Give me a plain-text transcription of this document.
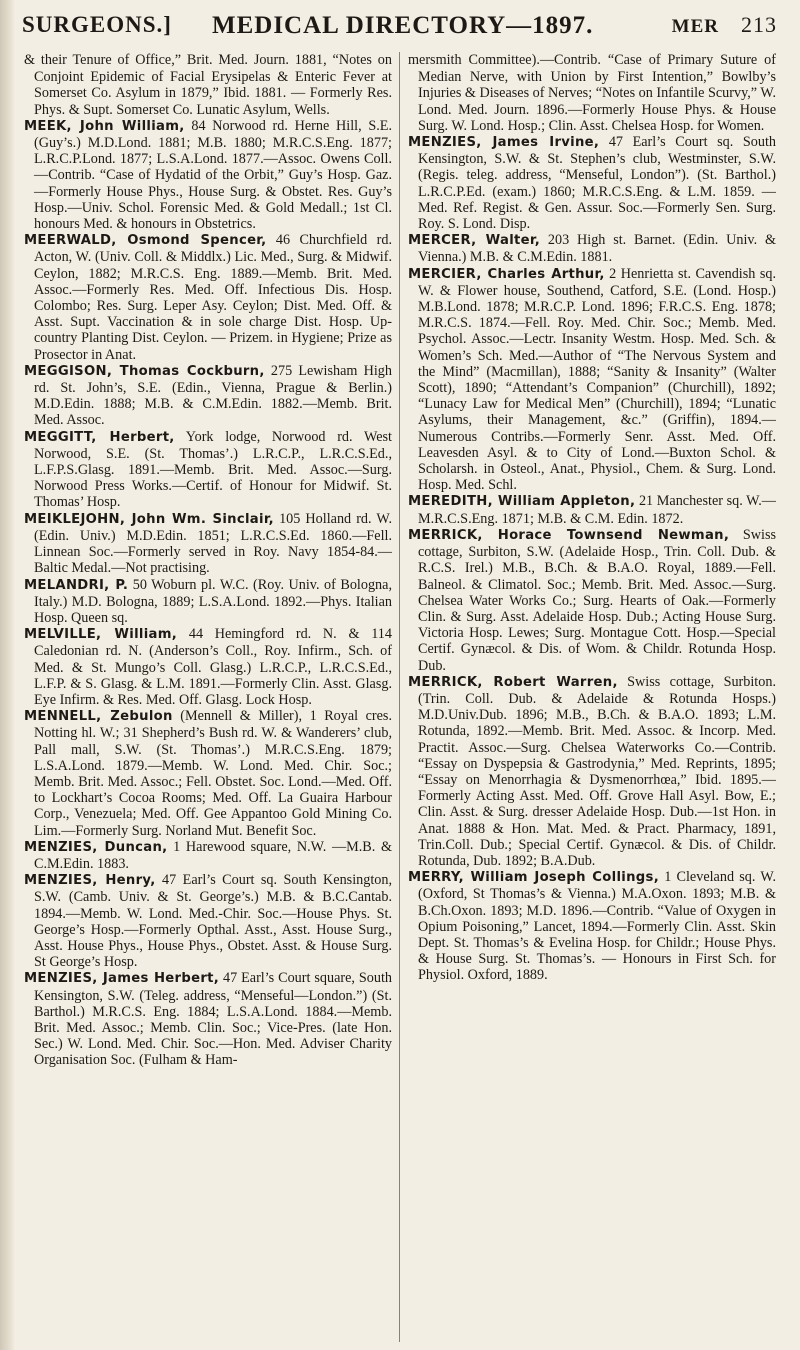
SURGEONS.] MEDICAL DIRECTORY—1897.	MER 213

& their Tenure of Office,” Brit. Med. Journ. 1881, “Notes on Conjoint Epidemic of Facial Erysipelas & Enteric Fever at Somerset Co. Asylum in 1879,” Ibid. 1881. — Formerly Res. Phys. & Supt. Somerset Co. Lunatic Asylum, Wells.

MEEK, John William, 84 Norwood rd. Herne Hill, S.E. (Guy’s.) M.D.Lond. 1881; M.B. 1880; M.R.C.S.Eng. 1877; L.R.C.P.Lond. 1877; L.S.A.Lond. 1877.—Assoc. Owens Coll. —Contrib. “Case of Hydatid of the Orbit,” Guy’s Hosp. Gaz.—Formerly House Phys., House Surg. & Obstet. Res. Guy’s Hosp.—Univ. Schol. Forensic Med. & Gold Medall.; 1st Cl. honours Med. & honours in Obstetrics.

MEERWALD, Osmond Spencer, 46 Churchfield rd. Acton, W. (Univ. Coll. & Middlx.) Lic. Med., Surg. & Midwif. Ceylon, 1882; M.R.C.S. Eng. 1889.—Memb. Brit. Med. Assoc.—Formerly Res. Med. Off. Infectious Dis. Hosp. Colombo; Res. Surg. Leper Asy. Ceylon; Dist. Med. Off. & Asst. Supt. Vaccination & in sole charge Dist. Hosp. Up-country Planting Dist. Ceylon. — Prizem. in Hygiene; Prize as Prosector in Anat.

MEGGISON, Thomas Cockburn, 275 Lewisham High rd. St. John’s, S.E. (Edin., Vienna, Prague & Berlin.) M.D.Edin. 1888; M.B. & C.M.Edin. 1882.—Memb. Brit. Med. Assoc.

MEGGITT, Herbert, York lodge, Norwood rd. West Norwood, S.E. (St. Thomas’.) L.R.C.P., L.R.C.S.Ed., L.F.P.S.Glasg. 1891.—Memb. Brit. Med. Assoc.—Surg. Norwood Press Works.—Certif. of Honour for Midwif. St. Thomas’ Hosp.

MEIKLEJOHN, John Wm. Sinclair, 105 Holland rd. W. (Edin. Univ.) M.D.Edin. 1851; L.R.C.S.Ed. 1860.—Fell. Linnean Soc.—Formerly served in Roy. Navy 1854-84.—Baltic Medal.—Not practising.

MELANDRI, P. 50 Woburn pl. W.C. (Roy. Univ. of Bologna, Italy.) M.D. Bologna, 1889; L.S.A.Lond. 1892.—Phys. Italian Hosp. Queen sq.

MELVILLE, William, 44 Hemingford rd. N. & 114 Caledonian rd. N. (Anderson’s Coll., Roy. Infirm., Sch. of Med. & St. Mungo’s Coll. Glasg.) L.R.C.P., L.R.C.S.Ed., L.F.P. & S. Glasg. & L.M. 1891.—Formerly Clin. Asst. Glasg. Eye Infirm. & Res. Med. Off. Glasg. Lock Hosp.

MENNELL, Zebulon (Mennell & Miller), 1 Royal cres. Notting hl. W.; 31 Shepherd’s Bush rd. W. & Wanderers’ club, Pall mall, S.W. (St. Thomas’.) M.R.C.S.Eng. 1879; L.S.A.Lond. 1879.—Memb. W. Lond. Med. Chir. Soc.; Memb. Brit. Med. Assoc.; Fell. Obstet. Soc. Lond.—Med. Off. to Lockhart’s Cocoa Rooms; Med. Off. La Guaira Harbour Corp., Venezuela; Med. Off. Gee Appantoo Gold Mining Co. Lim.—Formerly Surg. Norland Mut. Benefit Soc.

MENZIES, Duncan, 1 Harewood square, N.W. —M.B. & C.M.Edin. 1883.

MENZIES, Henry, 47 Earl’s Court sq. South Kensington, S.W. (Camb. Univ. & St. George’s.) M.B. & B.C.Cantab. 1894.—Memb. W. Lond. Med.-Chir. Soc.—House Phys. St. George’s Hosp.—Formerly Opthal. Asst., Asst. House Surg., Asst. House Phys., House Phys., Obstet. Asst. & House Surg. St George’s Hosp.

MENZIES, James Herbert, 47 Earl’s Court square, South Kensington, S.W. (Teleg. address, “Menseful—London.”) (St. Barthol.) M.R.C.S. Eng. 1884; L.S.A.Lond. 1884.—Memb. Brit. Med. Assoc.; Memb. Clin. Soc.; Vice-Pres. (late Hon. Sec.) W. Lond. Med. Chir. Soc.—Hon. Med. Adviser Charity Organisation Soc. (Fulham & Ham-

mersmith Committee).—Contrib. “Case of Primary Suture of Median Nerve, with Union by First Intention,” Bowlby’s Injuries & Diseases of Nerves; “Notes on Infantile Scurvy,” W. Lond. Med. Journ. 1896.—Formerly House Phys. & House Surg. W. Lond. Hosp.; Clin. Asst. Chelsea Hosp. for Women.

MENZIES, James Irvine, 47 Earl’s Court sq. South Kensington, S.W. & St. Stephen’s club, Westminster, S.W. (Regis. teleg. address, “Menseful, London”). (St. Barthol.) L.R.C.P.Ed. (exam.) 1860; M.R.C.S.Eng. & L.M. 1859. —Med. Ref. Regist. & Gen. Assur. Soc.—Formerly Sen. Surg. Roy. S. Lond. Disp.

MERCER, Walter, 203 High st. Barnet. (Edin. Univ. & Vienna.) M.B. & C.M.Edin. 1881.

MERCIER, Charles Arthur, 2 Henrietta st. Cavendish sq. W. & Flower house, Southend, Catford, S.E. (Lond. Hosp.) M.B.Lond. 1878; M.R.C.P. Lond. 1896; F.R.C.S. Eng. 1878; M.R.C.S. 1874.—Fell. Roy. Med. Chir. Soc.; Memb. Med. Psychol. Assoc.—Lectr. Insanity Westm. Hosp. Med. Sch. & Women’s Sch. Med.—Author of “The Nervous System and the Mind” (Macmillan), 1888; “Sanity & Insanity” (Walter Scott), 1890; “Attendant’s Companion” (Churchill), 1892; “Lunacy Law for Medical Men” (Churchill), 1894; “Lunatic Asylums, their Management, &c.” (Griffin), 1894.—Numerous Contribs.—Formerly Senr. Asst. Med. Off. Leavesden Asyl. & to City of Lond.—Buxton Schol. & Scholarsh. in Osteol., Anat., Physiol., Chem. & Surg. Lond. Hosp. Med. Schl.

MEREDITH, William Appleton, 21 Manchester sq. W.—M.R.C.S.Eng. 1871; M.B. & C.M. Edin. 1872.

MERRICK, Horace Townsend Newman, Swiss cottage, Surbiton, S.W. (Adelaide Hosp., Trin. Coll. Dub. & R.C.S. Irel.) M.B., B.Ch. & B.A.O. Royal, 1889.—Fell. Balneol. & Climatol. Soc.; Memb. Brit. Med. Assoc.—Surg. Chelsea Water Works Co.; Surg. Hearts of Oak.—Formerly Clin. & Surg. Asst. Adelaide Hosp. Dub.; Acting House Surg. Victoria Hosp. Lewes; Surg. Montague Cott. Hosp.—Special Certif. Gynæcol. & Dis. of Wom. & Childr. Rotunda Hosp. Dub.

MERRICK, Robert Warren, Swiss cottage, Surbiton. (Trin. Coll. Dub. & Adelaide & Rotunda Hosps.) M.D.Univ.Dub. 1896; M.B., B.Ch. & B.A.O. 1893; L.M. Rotunda, 1892.—Memb. Brit. Med. Assoc. & Incorp. Med. Practit. Assoc.—Surg. Chelsea Waterworks Co.—Contrib. “Essay on Dyspepsia & Gastrodynia,” Med. Reprints, 1895; “Essay on Menorrhagia & Dysmenorrhœa,” Ibid. 1895.—Formerly Acting Asst. Med. Off. Grove Hall Asyl. Bow, E.; Clin. Asst. & Surg. dresser Adelaide Hosp. Dub.—1st Hon. in Anat. 1888 & Hon. Mat. Med. & Pract. Pharmacy, 1891, Trin.Coll. Dub.; Special Certif. Gynæcol. & Dis. of Childr. Rotunda, Dub. 1892; B.A.Dub.

MERRY, William Joseph Collings, 1 Cleveland sq. W. (Oxford, St Thomas’s & Vienna.) M.A.Oxon. 1893; M.B. & B.Ch.Oxon. 1893; M.D. 1896.—Contrib. “Value of Oxygen in Opium Poisoning,” Lancet, 1894.—Formerly Clin. Asst. Skin Dept. St. Thomas’s & Evelina Hosp. for Childr.; House Phys. & House Surg. St. Thomas’s. — Honours in First Sch. for Physiol. Oxford, 1889.
